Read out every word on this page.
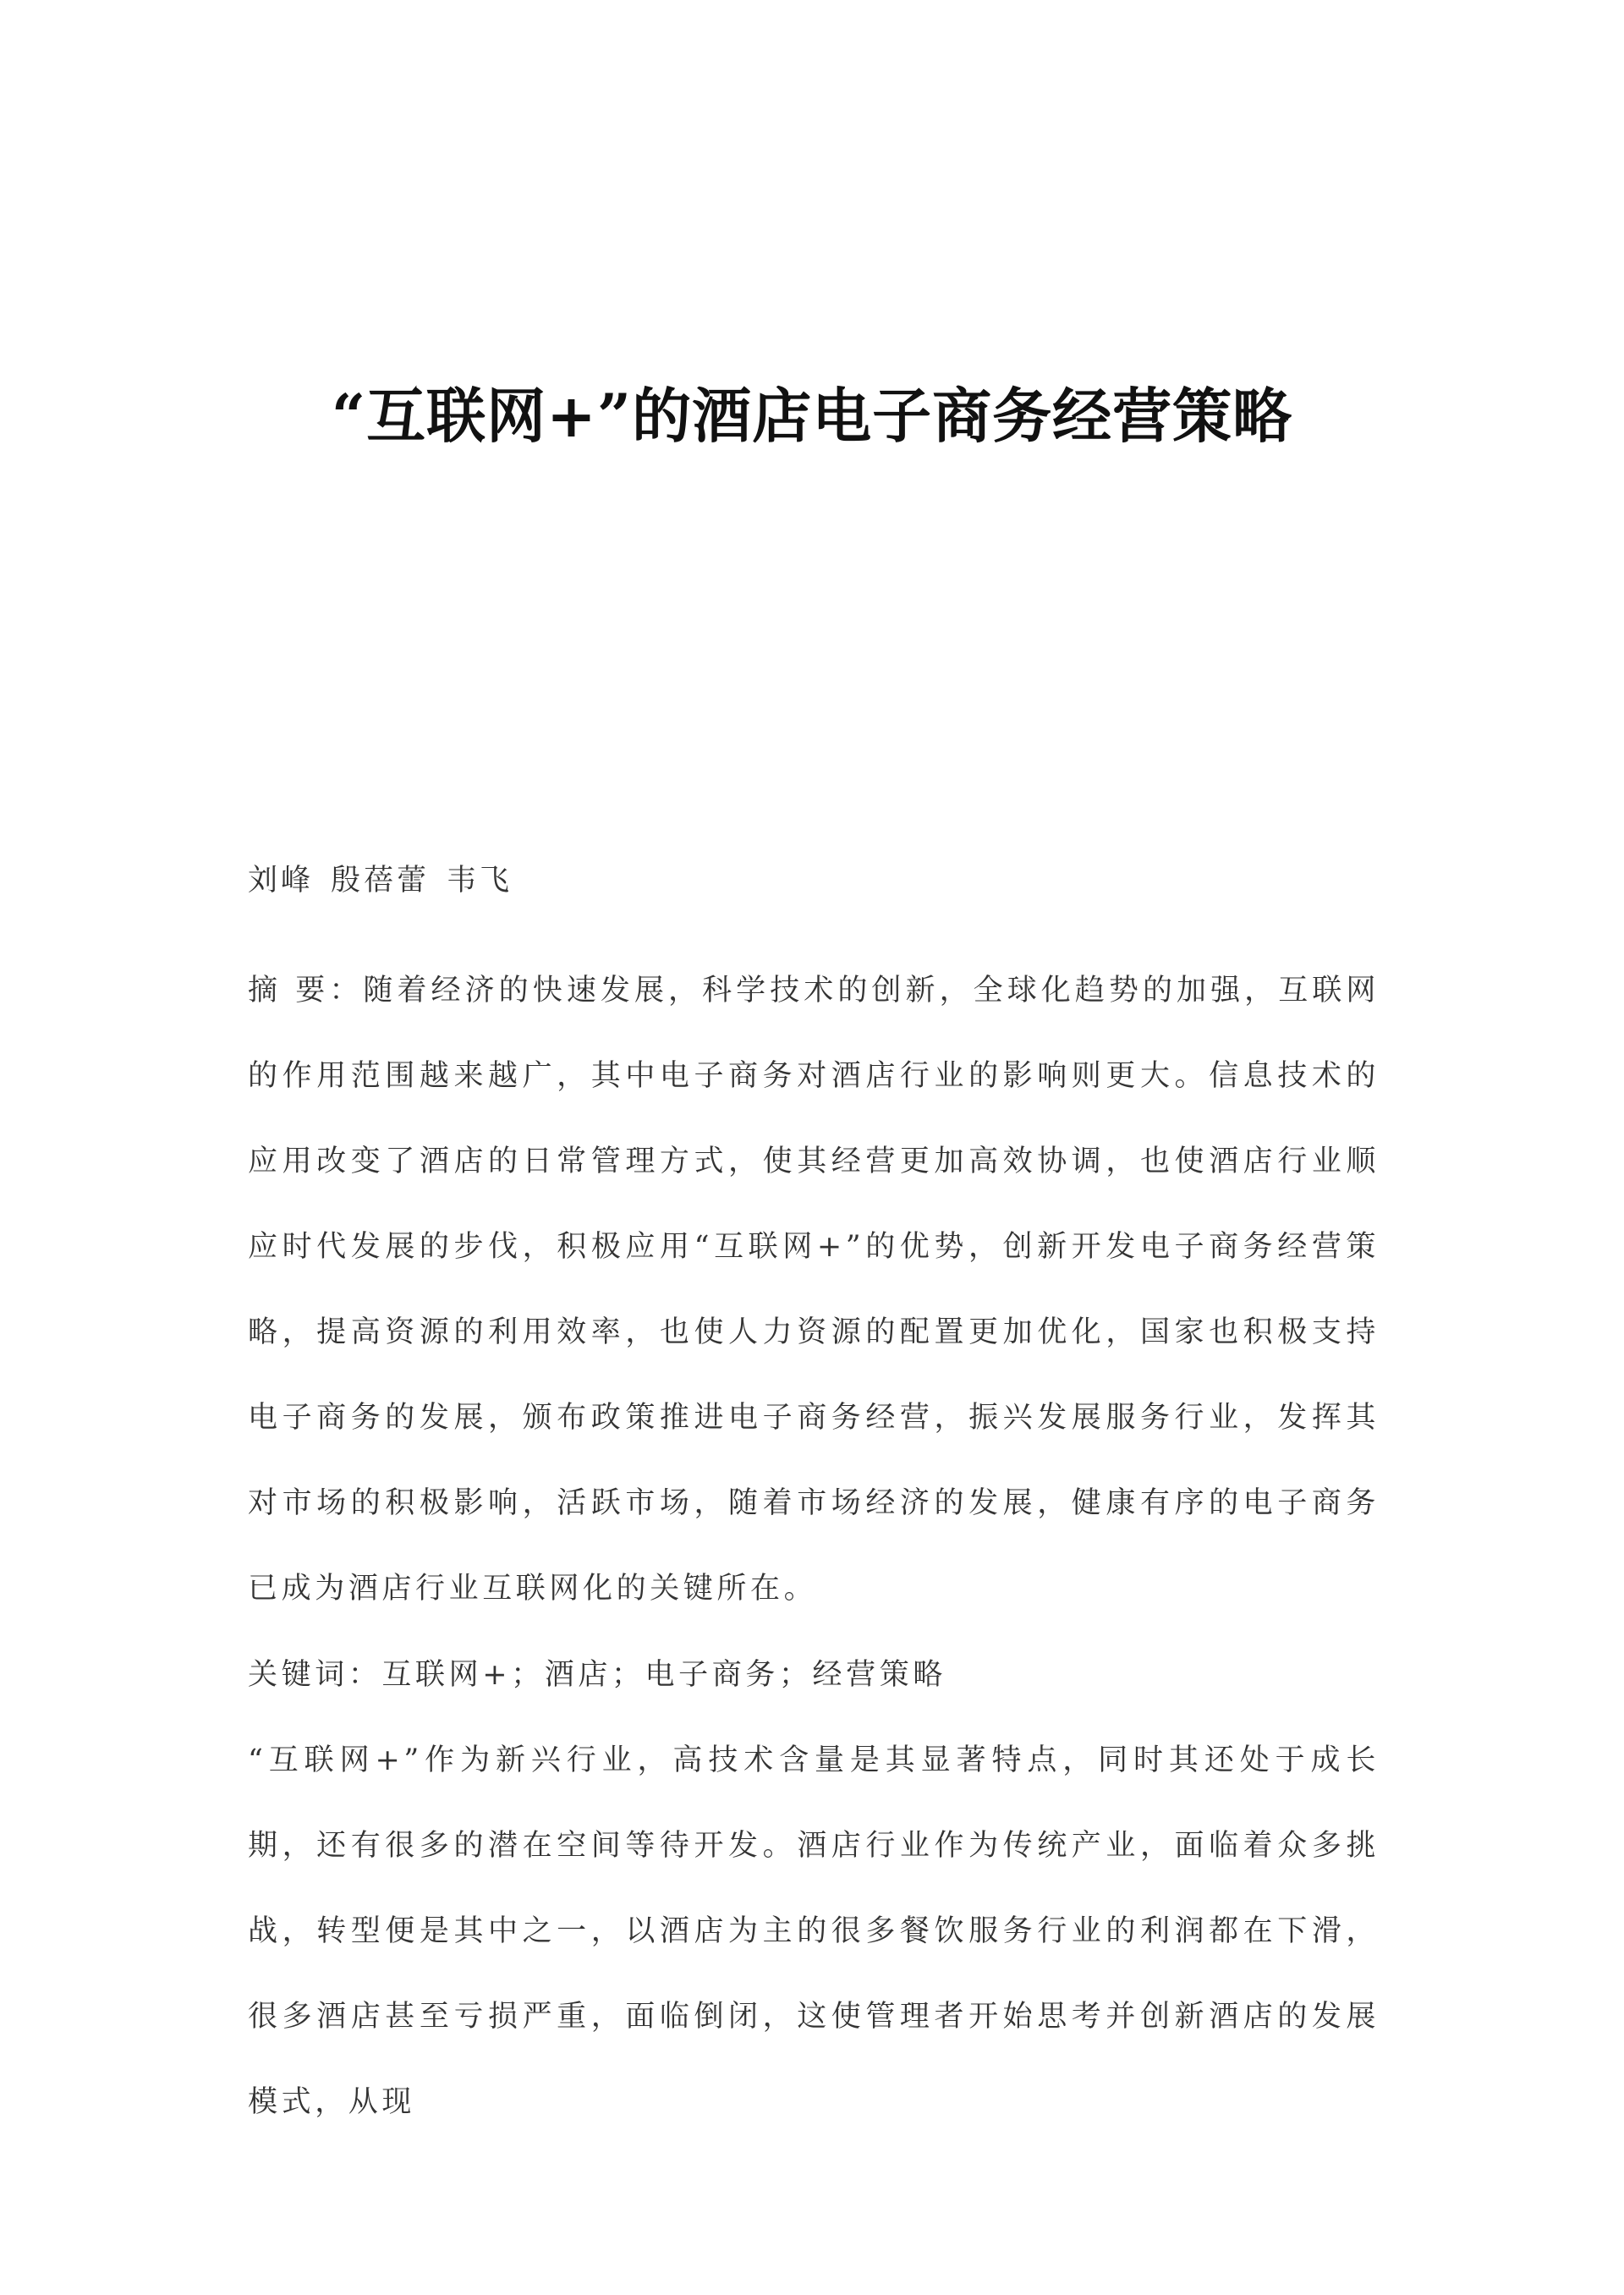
“互联网+”的酒店电子商务经营策略
刘峰 殷蓓蕾 韦飞
摘 要：随着经济的快速发展，科学技术的创新，全球化趋势的加强，互联网的作用范围越来越广，其中电子商务对酒店行业的影响则更大。信息技术的应用改变了酒店的日常管理方式，使其经营更加高效协调，也使酒店行业顺应时代发展的步伐，积极应用“互联网+”的优势，创新开发电子商务经营策略，提高资源的利用效率，也使人力资源的配置更加优化，国家也积极支持电子商务的发展，颁布政策推进电子商务经营，振兴发展服务行业，发挥其对市场的积极影响，活跃市场，随着市场经济的发展，健康有序的电子商务已成为酒店行业互联网化的关键所在。
关键词：互联网+；酒店；电子商务；经营策略
“互联网+”作为新兴行业，高技术含量是其显著特点，同时其还处于成长期，还有很多的潜在空间等待开发。酒店行业作为传统产业，面临着众多挑战，转型便是其中之一，以酒店为主的很多餐饮服务行业的利润都在下滑，很多酒店甚至亏损严重，面临倒闭，这使管理者开始思考并创新酒店的发展模式，从现
